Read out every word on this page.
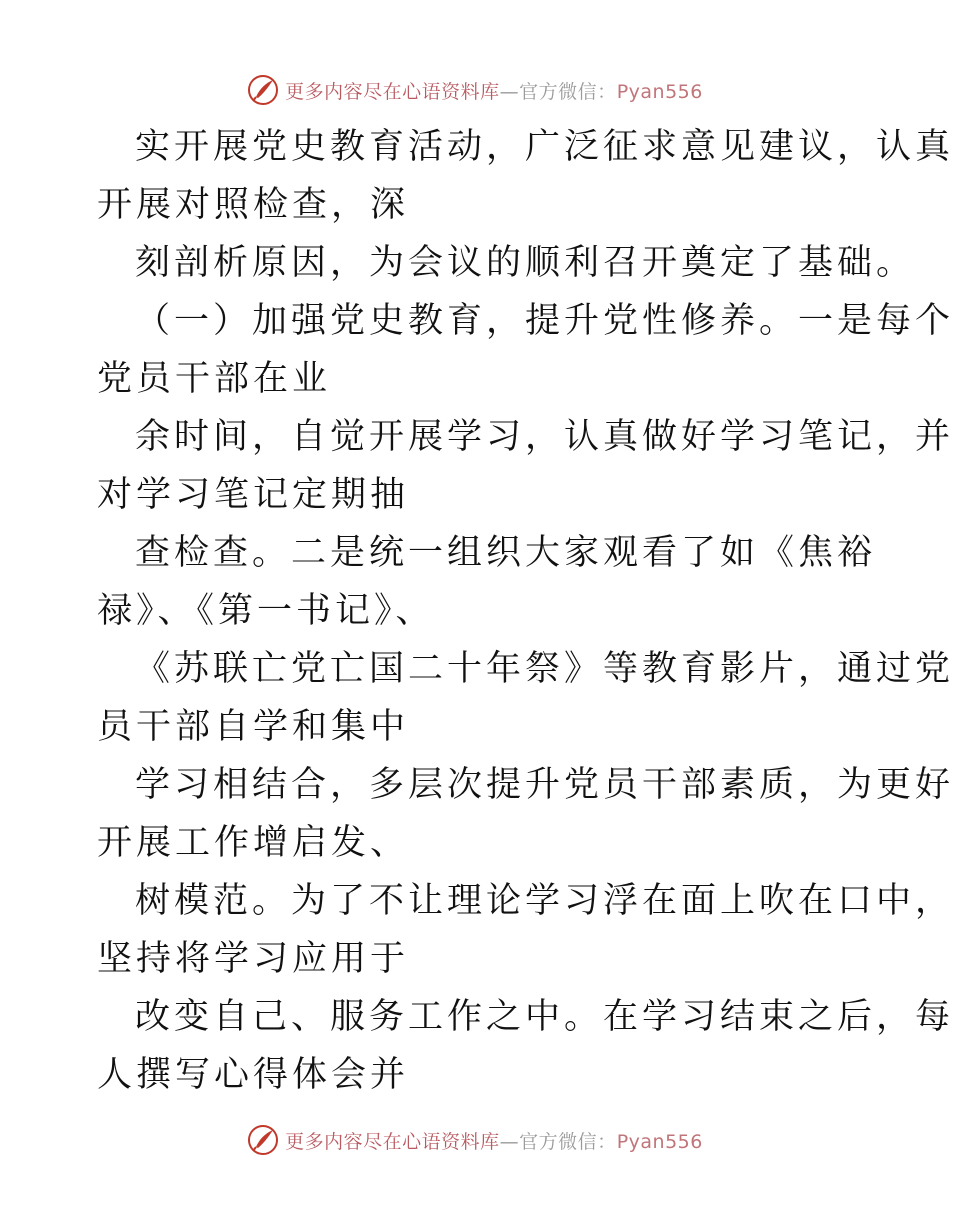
更多内容尽在心语资料库—官方微信：Pyan556
实开展党史教育活动，广泛征求意见建议，认真
开展对照检查，深
刻剖析原因，为会议的顺利召开奠定了基础。
（一）加强党史教育，提升党性修养。一是每个
党员干部在业
余时间，自觉开展学习，认真做好学习笔记，并
对学习笔记定期抽
查检查。二是统一组织大家观看了如《焦裕
禄》、《第一书记》、
《苏联亡党亡国二十年祭》等教育影片，通过党
员干部自学和集中
学习相结合，多层次提升党员干部素质，为更好
开展工作增启发、
树模范。为了不让理论学习浮在面上吹在口中，
坚持将学习应用于
改变自己、服务工作之中。在学习结束之后，每
人撰写心得体会并
更多内容尽在心语资料库—官方微信：Pyan556
